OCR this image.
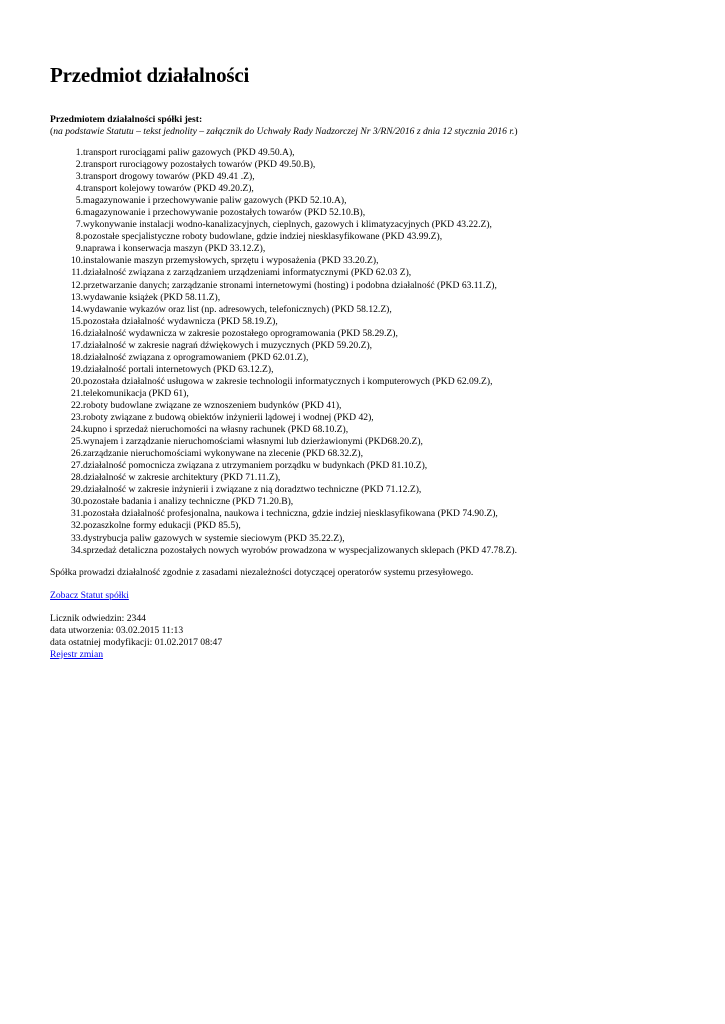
Przedmiot działalności

Przedmiotem działalności spółki jest:

(na podstawie Statutu – tekst jednolity – załącznik do Uchwały Rady Nadzorczej Nr 3/RN/2016 z dnia 12 stycznia 2016 r.)

1. transport rurociągami paliw gazowych (PKD 49.50.A),
2. transport rurociągowy pozostałych towarów (PKD 49.50.B),
3. transport drogowy towarów (PKD 49.41 .Z),
4. transport kolejowy towarów (PKD 49.20.Z),
5. magazynowanie i przechowywanie paliw gazowych (PKD 52.10.A),
6. magazynowanie i przechowywanie pozostałych towarów (PKD 52.10.B),
7. wykonywanie instalacji wodno-kanalizacyjnych, cieplnych, gazowych i klimatyzacyjnych (PKD 43.22.Z),
8. pozostałe specjalistyczne roboty budowlane, gdzie indziej niesklasyfikowane (PKD 43.99.Z),
9. naprawa i konserwacja maszyn (PKD 33.12.Z),
10. instalowanie maszyn przemysłowych, sprzętu i wyposażenia (PKD 33.20.Z),
11. działalność związana z zarządzaniem urządzeniami informatycznymi (PKD 62.03 Z),
12. przetwarzanie danych; zarządzanie stronami internetowymi (hosting) i podobna działalność (PKD 63.11.Z),
13. wydawanie książek (PKD 58.11.Z),
14. wydawanie wykazów oraz list (np. adresowych, telefonicznych) (PKD 58.12.Z),
15. pozostała działalność wydawnicza (PKD 58.19.Z),
16. działalność wydawnicza w zakresie pozostałego oprogramowania (PKD 58.29.Z),
17. działalność w zakresie nagrań dźwiękowych i muzycznych (PKD 59.20.Z),
18. działalność związana z oprogramowaniem (PKD 62.01.Z),
19. działalność portali internetowych (PKD 63.12.Z),
20. pozostała działalność usługowa w zakresie technologii informatycznych i komputerowych (PKD 62.09.Z),
21. telekomunikacja (PKD 61),
22. roboty budowlane związane ze wznoszeniem budynków (PKD 41),
23. roboty związane z budową obiektów inżynierii lądowej i wodnej (PKD 42),
24. kupno i sprzedaż nieruchomości na własny rachunek (PKD 68.10.Z),
25. wynajem i zarządzanie nieruchomościami własnymi lub dzierżawionymi (PKD68.20.Z),
26. zarządzanie nieruchomościami wykonywane na zlecenie (PKD 68.32.Z),
27. działalność pomocnicza związana z utrzymaniem porządku w budynkach (PKD 81.10.Z),
28. działalność w zakresie architektury (PKD 71.11.Z),
29. działalność w zakresie inżynierii i związane z nią doradztwo techniczne (PKD 71.12.Z),
30. pozostałe badania i analizy techniczne (PKD 71.20.B),
31. pozostała działalność profesjonalna, naukowa i techniczna, gdzie indziej niesklasyfikowana (PKD 74.90.Z),
32. pozaszkolne formy edukacji (PKD 85.5),
33. dystrybucja paliw gazowych w systemie sieciowym (PKD 35.22.Z),
34. sprzedaż detaliczna pozostałych nowych wyrobów prowadzona w wyspecjalizowanych sklepach (PKD 47.78.Z).

Spółka prowadzi działalność zgodnie z zasadami niezależności dotyczącej operatorów systemu przesyłowego.

Zobacz Statut spółki
Licznik odwiedzin: 2344
data utworzenia: 03.02.2015 11:13
data ostatniej modyfikacji: 01.02.2017 08:47
Rejestr zmian
